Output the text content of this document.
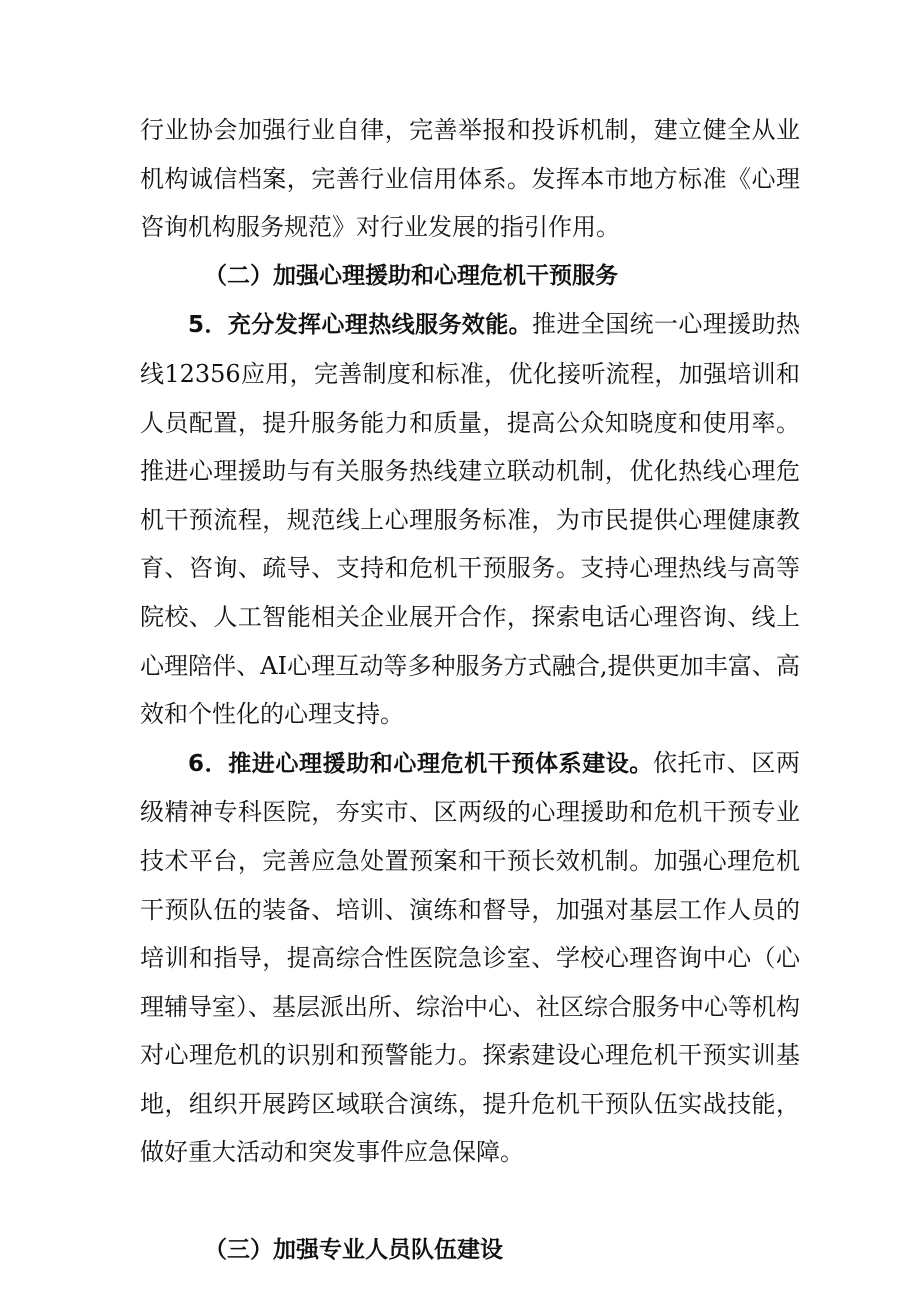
行业协会加强行业自律，完善举报和投诉机制，建立健全从业机构诚信档案，完善行业信用体系。发挥本市地方标准《心理咨询机构服务规范》对行业发展的指引作用。

（二）加强心理援助和心理危机干预服务

5．充分发挥心理热线服务效能。推进全国统一心理援助热线12356应用，完善制度和标准，优化接听流程，加强培训和人员配置，提升服务能力和质量，提高公众知晓度和使用率。推进心理援助与有关服务热线建立联动机制，优化热线心理危机干预流程，规范线上心理服务标准，为市民提供心理健康教育、咨询、疏导、支持和危机干预服务。支持心理热线与高等院校、人工智能相关企业展开合作，探索电话心理咨询、线上心理陪伴、AI心理互动等多种服务方式融合,提供更加丰富、高效和个性化的心理支持。

6．推进心理援助和心理危机干预体系建设。依托市、区两级精神专科医院，夯实市、区两级的心理援助和危机干预专业技术平台，完善应急处置预案和干预长效机制。加强心理危机干预队伍的装备、培训、演练和督导，加强对基层工作人员的培训和指导，提高综合性医院急诊室、学校心理咨询中心（心理辅导室）、基层派出所、综治中心、社区综合服务中心等机构对心理危机的识别和预警能力。探索建设心理危机干预实训基地，组织开展跨区域联合演练，提升危机干预队伍实战技能，做好重大活动和突发事件应急保障。

（三）加强专业人员队伍建设
